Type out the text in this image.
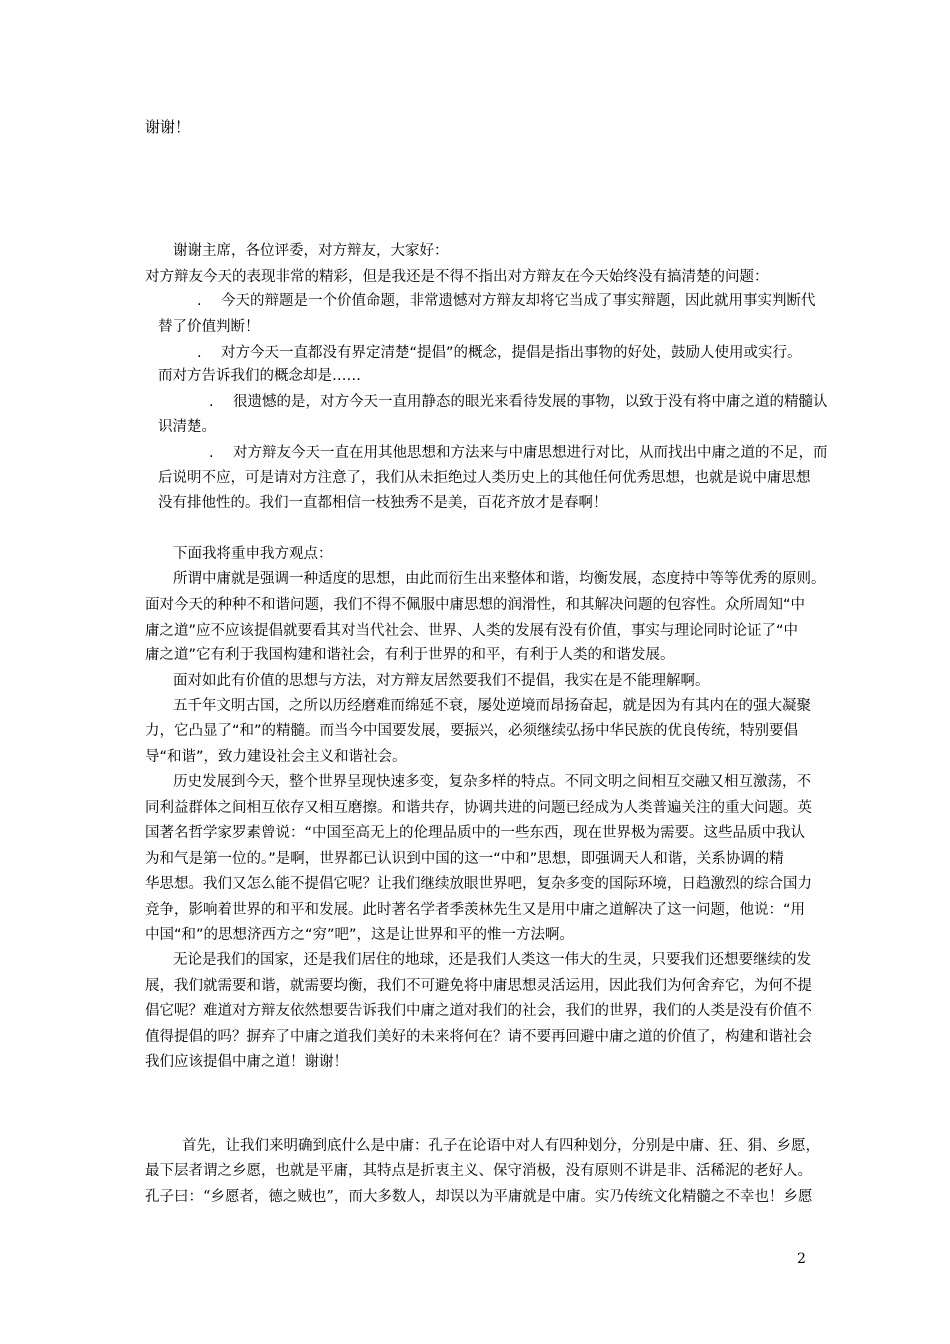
谢谢！
谢谢主席，各位评委，对方辩友，大家好：
对方辩友今天的表现非常的精彩，但是我还是不得不指出对方辩友在今天始终没有搞清楚的问题：
. 今天的辩题是一个价值命题，非常遗憾对方辩友却将它当成了事实辩题，因此就用事实判断代
替了价值判断！
. 对方今天一直都没有界定清楚“提倡”的概念，提倡是指出事物的好处，鼓励人使用或实行。
而对方告诉我们的概念却是……
. 很遗憾的是，对方今天一直用静态的眼光来看待发展的事物，以致于没有将中庸之道的精髓认
识清楚。
. 对方辩友今天一直在用其他思想和方法来与中庸思想进行对比，从而找出中庸之道的不足，而
后说明不应，可是请对方注意了，我们从未拒绝过人类历史上的其他任何优秀思想，也就是说中庸思想
没有排他性的。我们一直都相信一枝独秀不是美，百花齐放才是春啊！
下面我将重申我方观点：
所谓中庸就是强调一种适度的思想，由此而衍生出来整体和谐，均衡发展，态度持中等等优秀的原则。
面对今天的种种不和谐问题，我们不得不佩服中庸思想的润滑性，和其解决问题的包容性。众所周知“中
庸之道”应不应该提倡就要看其对当代社会、世界、人类的发展有没有价值，事实与理论同时论证了“中
庸之道”它有利于我国构建和谐社会，有利于世界的和平，有利于人类的和谐发展。
面对如此有价值的思想与方法，对方辩友居然要我们不提倡，我实在是不能理解啊。
五千年文明古国，之所以历经磨难而绵延不衰，屡处逆境而昂扬奋起，就是因为有其内在的强大凝聚
力，它凸显了“和”的精髓。而当今中国要发展，要振兴，必须继续弘扬中华民族的优良传统，特别要倡
导“和谐”，致力建设社会主义和谐社会。
历史发展到今天，整个世界呈现快速多变，复杂多样的特点。不同文明之间相互交融又相互激荡，不
同利益群体之间相互依存又相互磨擦。和谐共存，协调共进的问题已经成为人类普遍关注的重大问题。英
国著名哲学家罗素曾说：“中国至高无上的伦理品质中的一些东西，现在世界极为需要。这些品质中我认
为和气是第一位的。”是啊，世界都已认识到中国的这一“中和”思想，即强调天人和谐，关系协调的精
华思想。我们又怎么能不提倡它呢？让我们继续放眼世界吧，复杂多变的国际环境，日趋激烈的综合国力
竞争，影响着世界的和平和发展。此时著名学者季羡林先生又是用中庸之道解决了这一问题，他说：“用
中国“和”的思想济西方之“穷”吧”，这是让世界和平的惟一方法啊。
无论是我们的国家，还是我们居住的地球，还是我们人类这一伟大的生灵，只要我们还想要继续的发
展，我们就需要和谐，就需要均衡，我们不可避免将中庸思想灵活运用，因此我们为何舍弃它，为何不提
倡它呢？难道对方辩友依然想要告诉我们中庸之道对我们的社会，我们的世界，我们的人类是没有价值不
值得提倡的吗？摒弃了中庸之道我们美好的未来将何在？请不要再回避中庸之道的价值了，构建和谐社会
我们应该提倡中庸之道！谢谢！
首先，让我们来明确到底什么是中庸：孔子在论语中对人有四种划分，分别是中庸、狂、狷、乡愿，
最下层者谓之乡愿，也就是平庸，其特点是折衷主义、保守消极，没有原则不讲是非、活稀泥的老好人。
孔子曰：“乡愿者，德之贼也”，而大多数人，却误以为平庸就是中庸。实乃传统文化精髓之不幸也！乡愿
2
